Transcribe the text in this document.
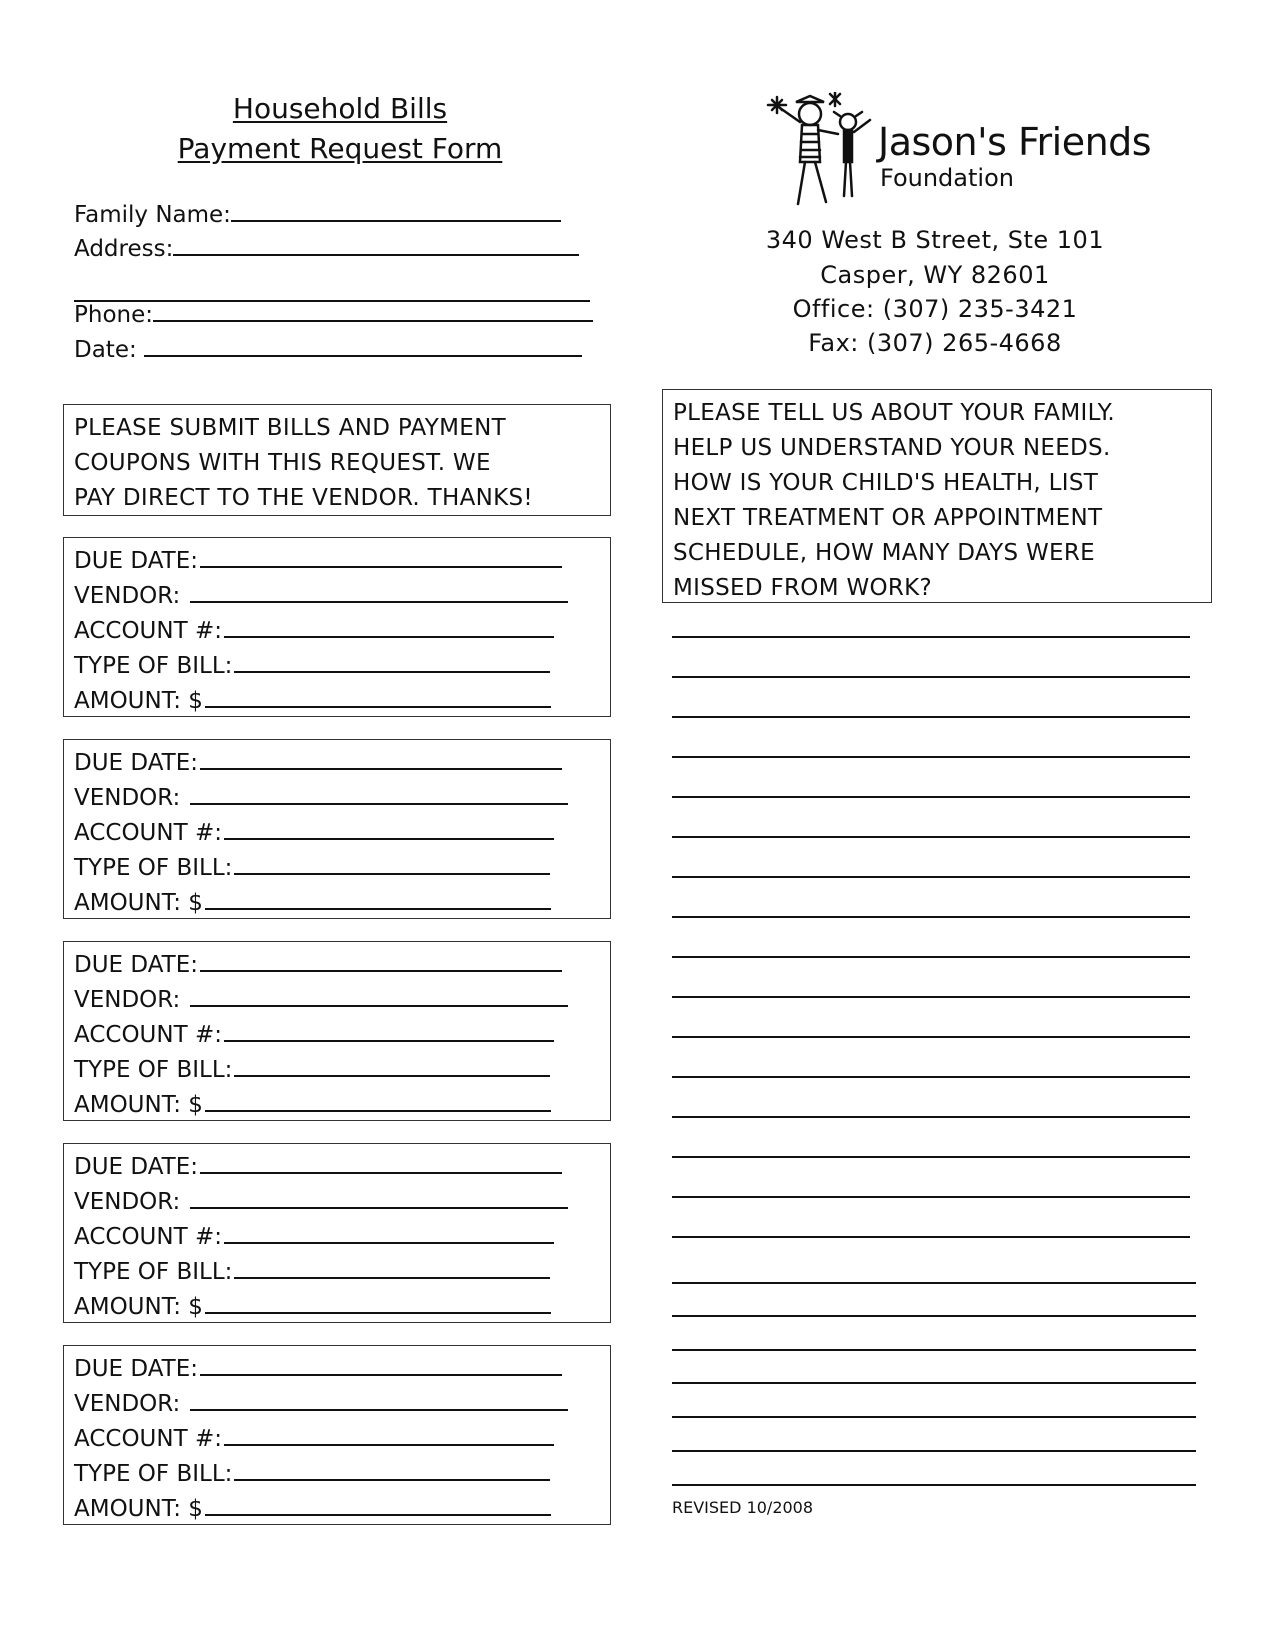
Household Bills
Payment Request Form
Family Name:
Address:
Phone:
Date:
PLEASE SUBMIT BILLS AND PAYMENT
COUPONS WITH THIS REQUEST. WE
PAY DIRECT TO THE VENDOR. THANKS!
DUE DATE:
VENDOR:
ACCOUNT #:
TYPE OF BILL:
AMOUNT: $
DUE DATE:
VENDOR:
ACCOUNT #:
TYPE OF BILL:
AMOUNT: $
DUE DATE:
VENDOR:
ACCOUNT #:
TYPE OF BILL:
AMOUNT: $
DUE DATE:
VENDOR:
ACCOUNT #:
TYPE OF BILL:
AMOUNT: $
DUE DATE:
VENDOR:
ACCOUNT #:
TYPE OF BILL:
AMOUNT: $
Jason's Friends
Foundation
340 West B Street, Ste 101
Casper, WY 82601
Office: (307) 235-3421
Fax: (307) 265-4668
PLEASE TELL US ABOUT YOUR FAMILY.
HELP US UNDERSTAND YOUR NEEDS.
HOW IS YOUR CHILD'S HEALTH, LIST
NEXT TREATMENT OR APPOINTMENT
SCHEDULE, HOW MANY DAYS WERE
MISSED FROM WORK?
REVISED 10/2008
